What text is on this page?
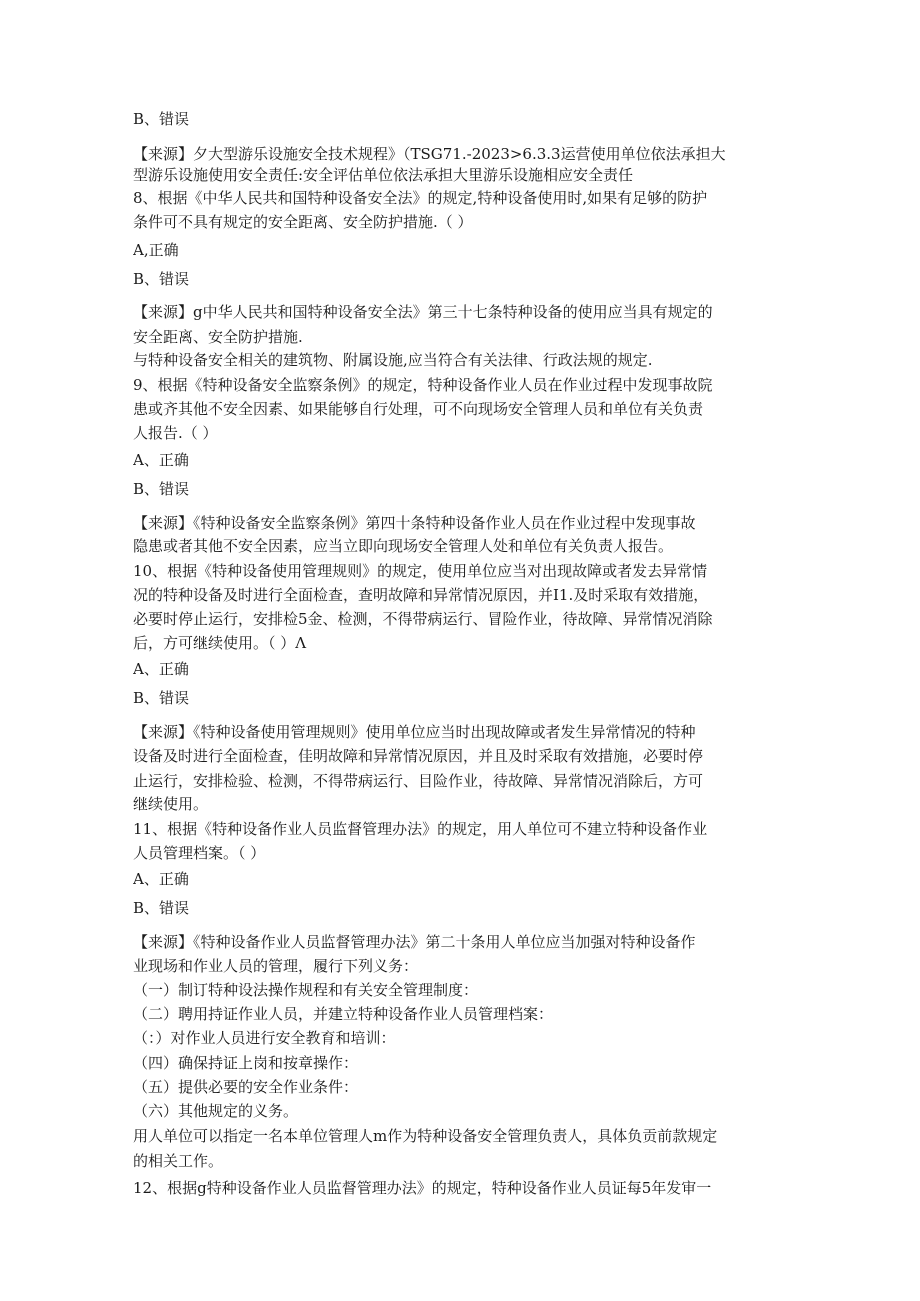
B、错误
【来源】夕大型游乐设施安全技术规程》（TSG71.-2023>6.3.3运营使用单位依法承担大
型游乐设施使用安全责任:安全评估单位依法承担大里游乐设施相应安全责任
8、根据《中华人民共和国特种设备安全法》的规定,特种设备使用时,如果有足够的防护
条件可不具有规定的安全距离、安全防护措施.（ ）
A,正确
B、错误
【来源】g中华人民共和国特种设备安全法》第三十七条特种设备的使用应当具有规定的
安全距离、安全防护措施.
与特种设备安全相关的建筑物、附属设施,应当符合有关法律、行政法规的规定.
9、根据《特种设备安全监察条例》的规定，特种设备作业人员在作业过程中发现事故院
患或齐其他不安全因素、如果能够自行处理，可不向现场安全管理人员和单位有关负责
人报告.（ ）
A、正确
B、错误
【来源】《特种设备安全监察条例》第四十条特种设备作业人员在作业过程中发现事故
隐患或者其他不安全因素，应当立即向现场安全管理人处和单位有关负责人报告。
10、根据《特种设备使用管理规则》的规定，使用单位应当对出现故障或者发去异常情
况的特种设备及时进行全面检查，查明故障和异常情况原因，并I1.及时采取有效措施，
必要时停止运行，安排检5金、检测，不得带病运行、冒险作业，待故障、异常情况消除
后，方可继续使用。（ ）Λ
A、正确
B、错误
【来源】《特种设备使用管理规则》使用单位应当时出现故障或者发生异常情况的特种
设备及时进行全面检查，佳明故障和异常情况原因，并且及时采取有效措施，必要时停
止运行，安排检验、检测，不得带病运行、目险作业，待故障、异常情况消除后，方可
继续使用。
11、根据《特种设备作业人员监督管理办法》的规定，用人单位可不建立特种设备作业
人员管理档案。（ ）
A、正确
B、错误
【来源】《特种设备作业人员监督管理办法》第二十条用人单位应当加强对特种设备作
业现场和作业人员的管理，履行下列义务：
（一）制订特种设法操作规程和有关安全管理制度：
（二）聘用持证作业人员，并建立特种设备作业人员管理档案：
（：）对作业人员进行安全教育和培训：
（四）确保持证上岗和按章操作：
（五）提供必要的安全作业条件：
（六）其他规定的义务。
用人单位可以指定一名本单位管理人m作为特种设备安全管理负责人，具体负贡前款规定
的相关工作。
12、根据g特种设备作业人员监督管理办法》的规定，特种设备作业人员证每5年发审一
